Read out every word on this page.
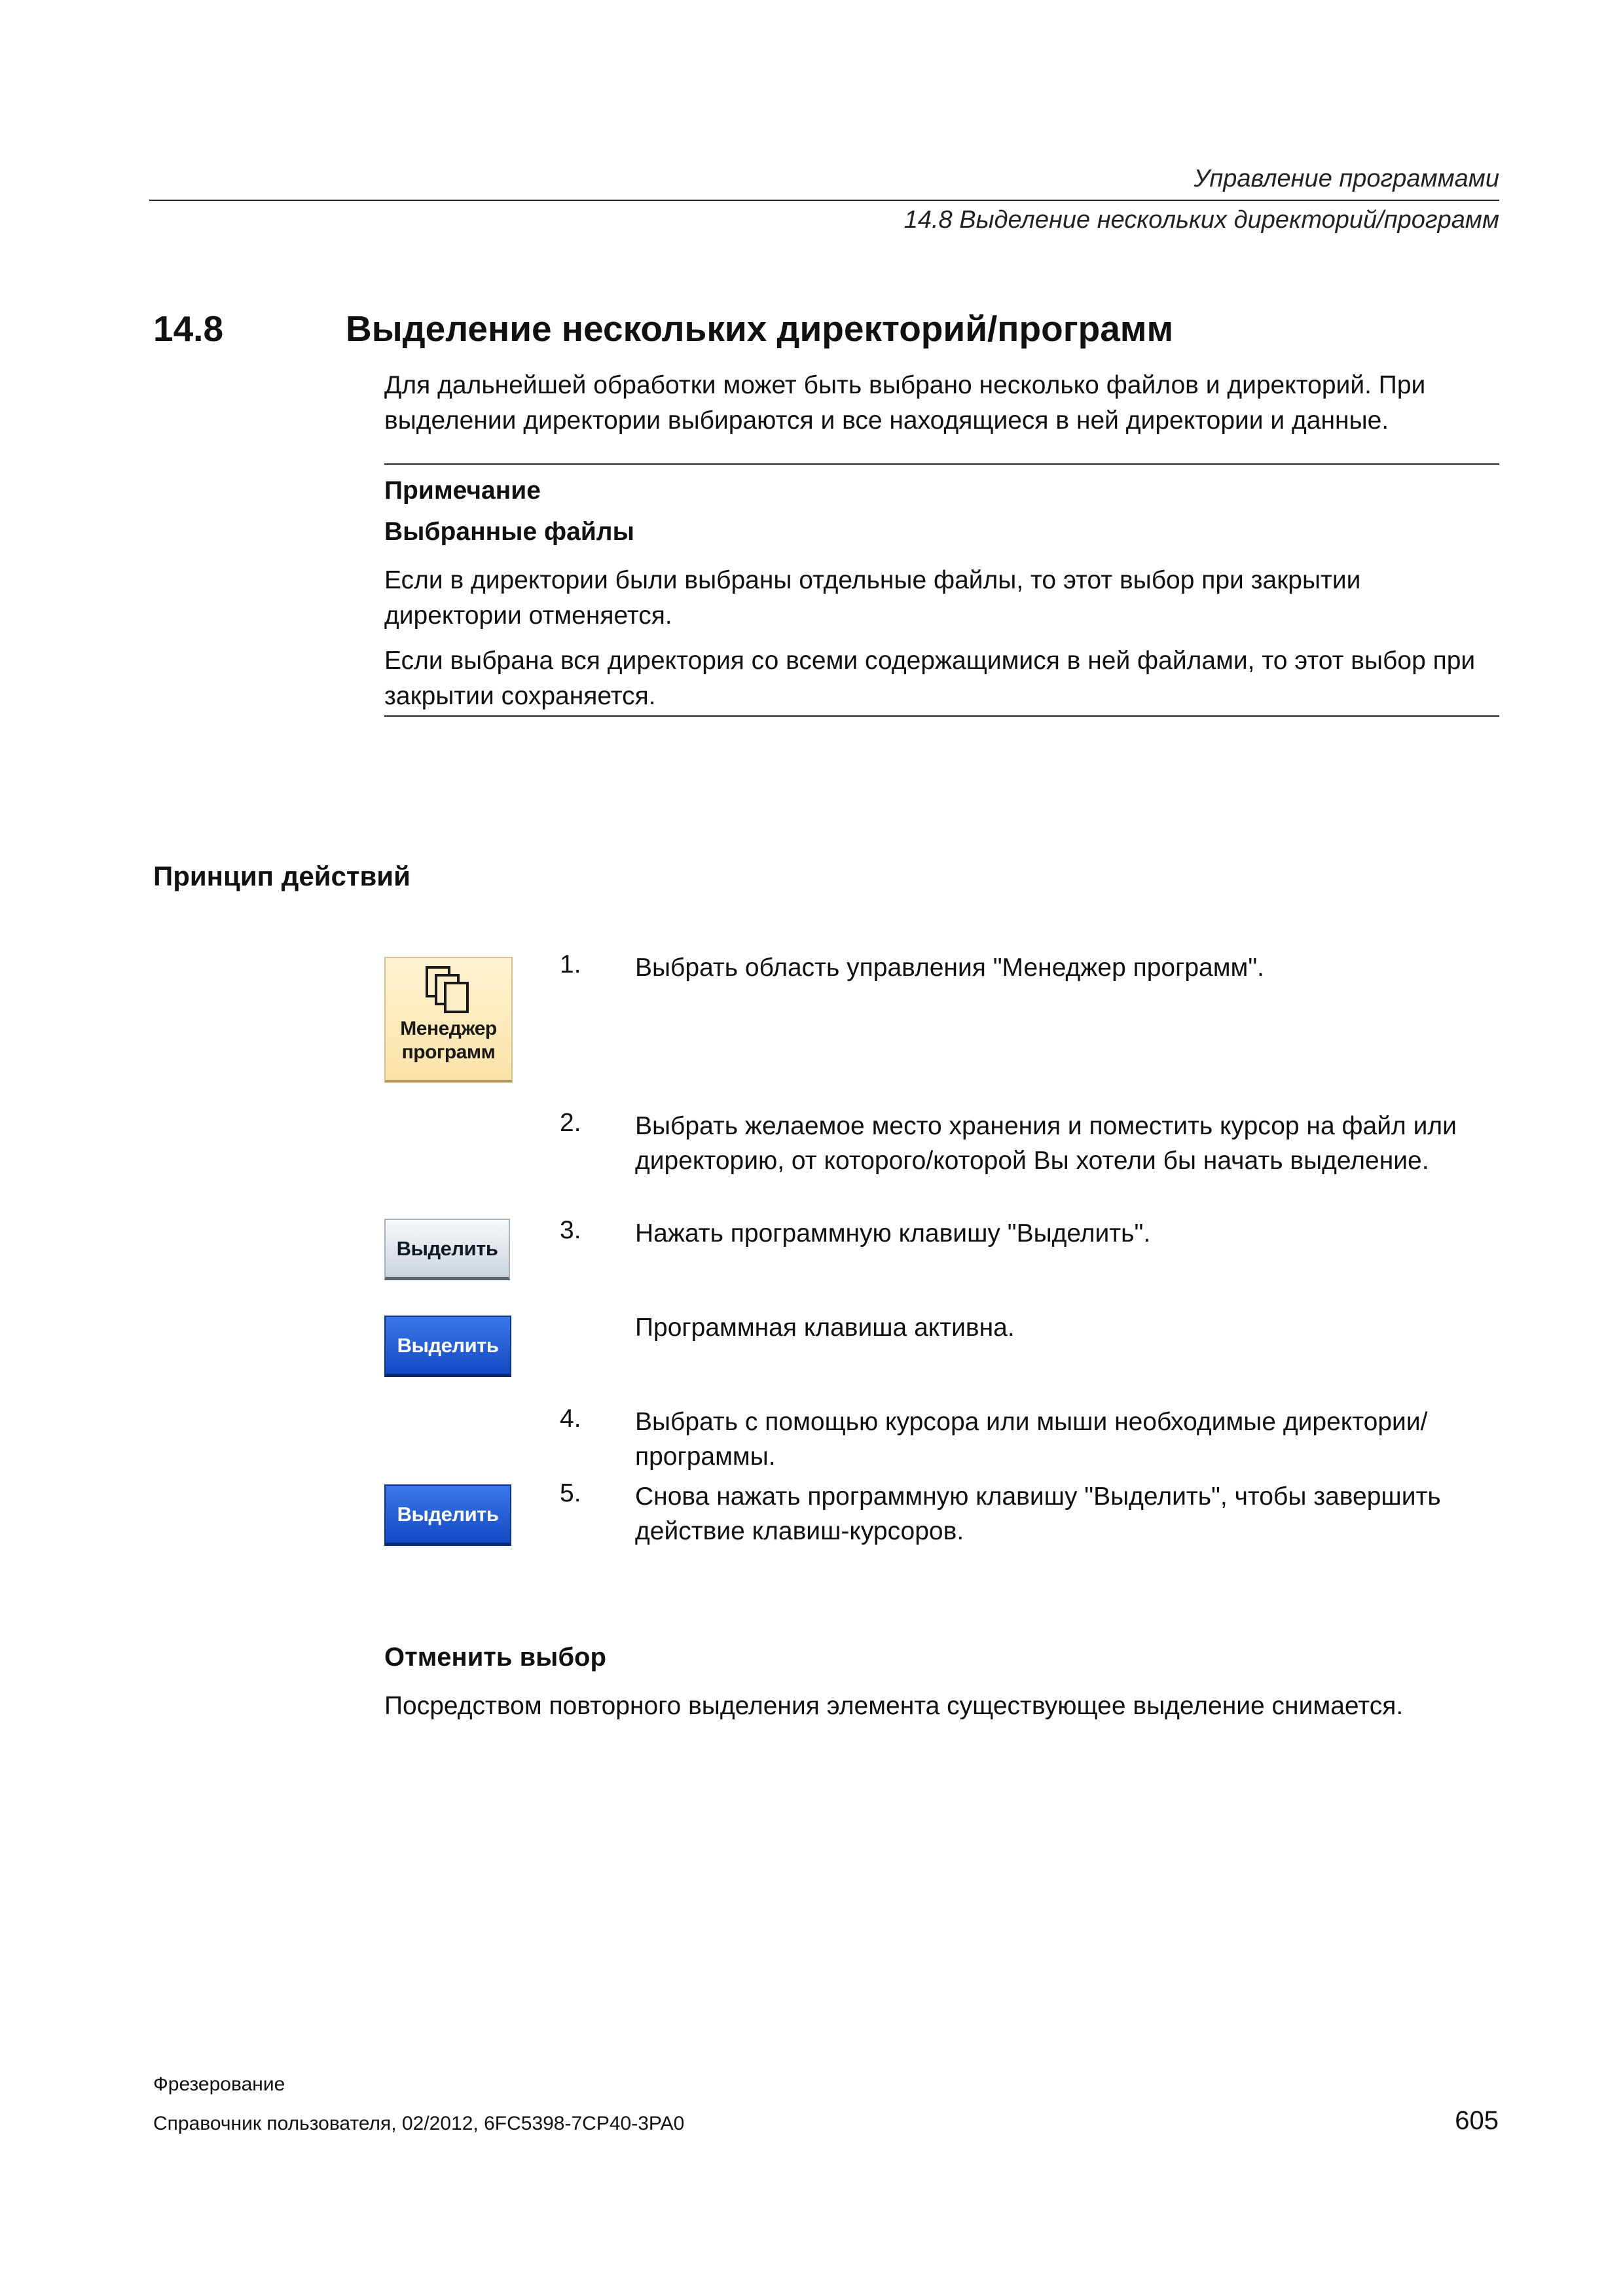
Управление программами
14.8 Выделение нескольких директорий/программ
14.8	Выделение нескольких директорий/программ
Для дальнейшей обработки может быть выбрано несколько файлов и директорий. При выделении директории выбираются и все находящиеся в ней директории и данные.
Примечание
Выбранные файлы
Если в директории были выбраны отдельные файлы, то этот выбор при закрытии директории отменяется.
Если выбрана вся директория со всеми содержащимися в ней файлами, то этот выбор при закрытии сохраняется.
Принцип действий
Менеджер
программ
Выделить
Выделить
Выделить
1. Выбрать область управления "Менеджер программ".
2. Выбрать желаемое место хранения и поместить курсор на файл или директорию, от которого/которой Вы хотели бы начать выделение.
3. Нажать программную клавишу "Выделить".
Программная клавиша активна.
4. Выбрать с помощью курсора или мыши необходимые директории/программы.
5. Снова нажать программную клавишу "Выделить", чтобы завершить действие клавиш-курсоров.
Отменить выбор
Посредством повторного выделения элемента существующее выделение снимается.
Фрезерование
Справочник пользователя, 02/2012, 6FC5398-7CP40-3PA0	605
